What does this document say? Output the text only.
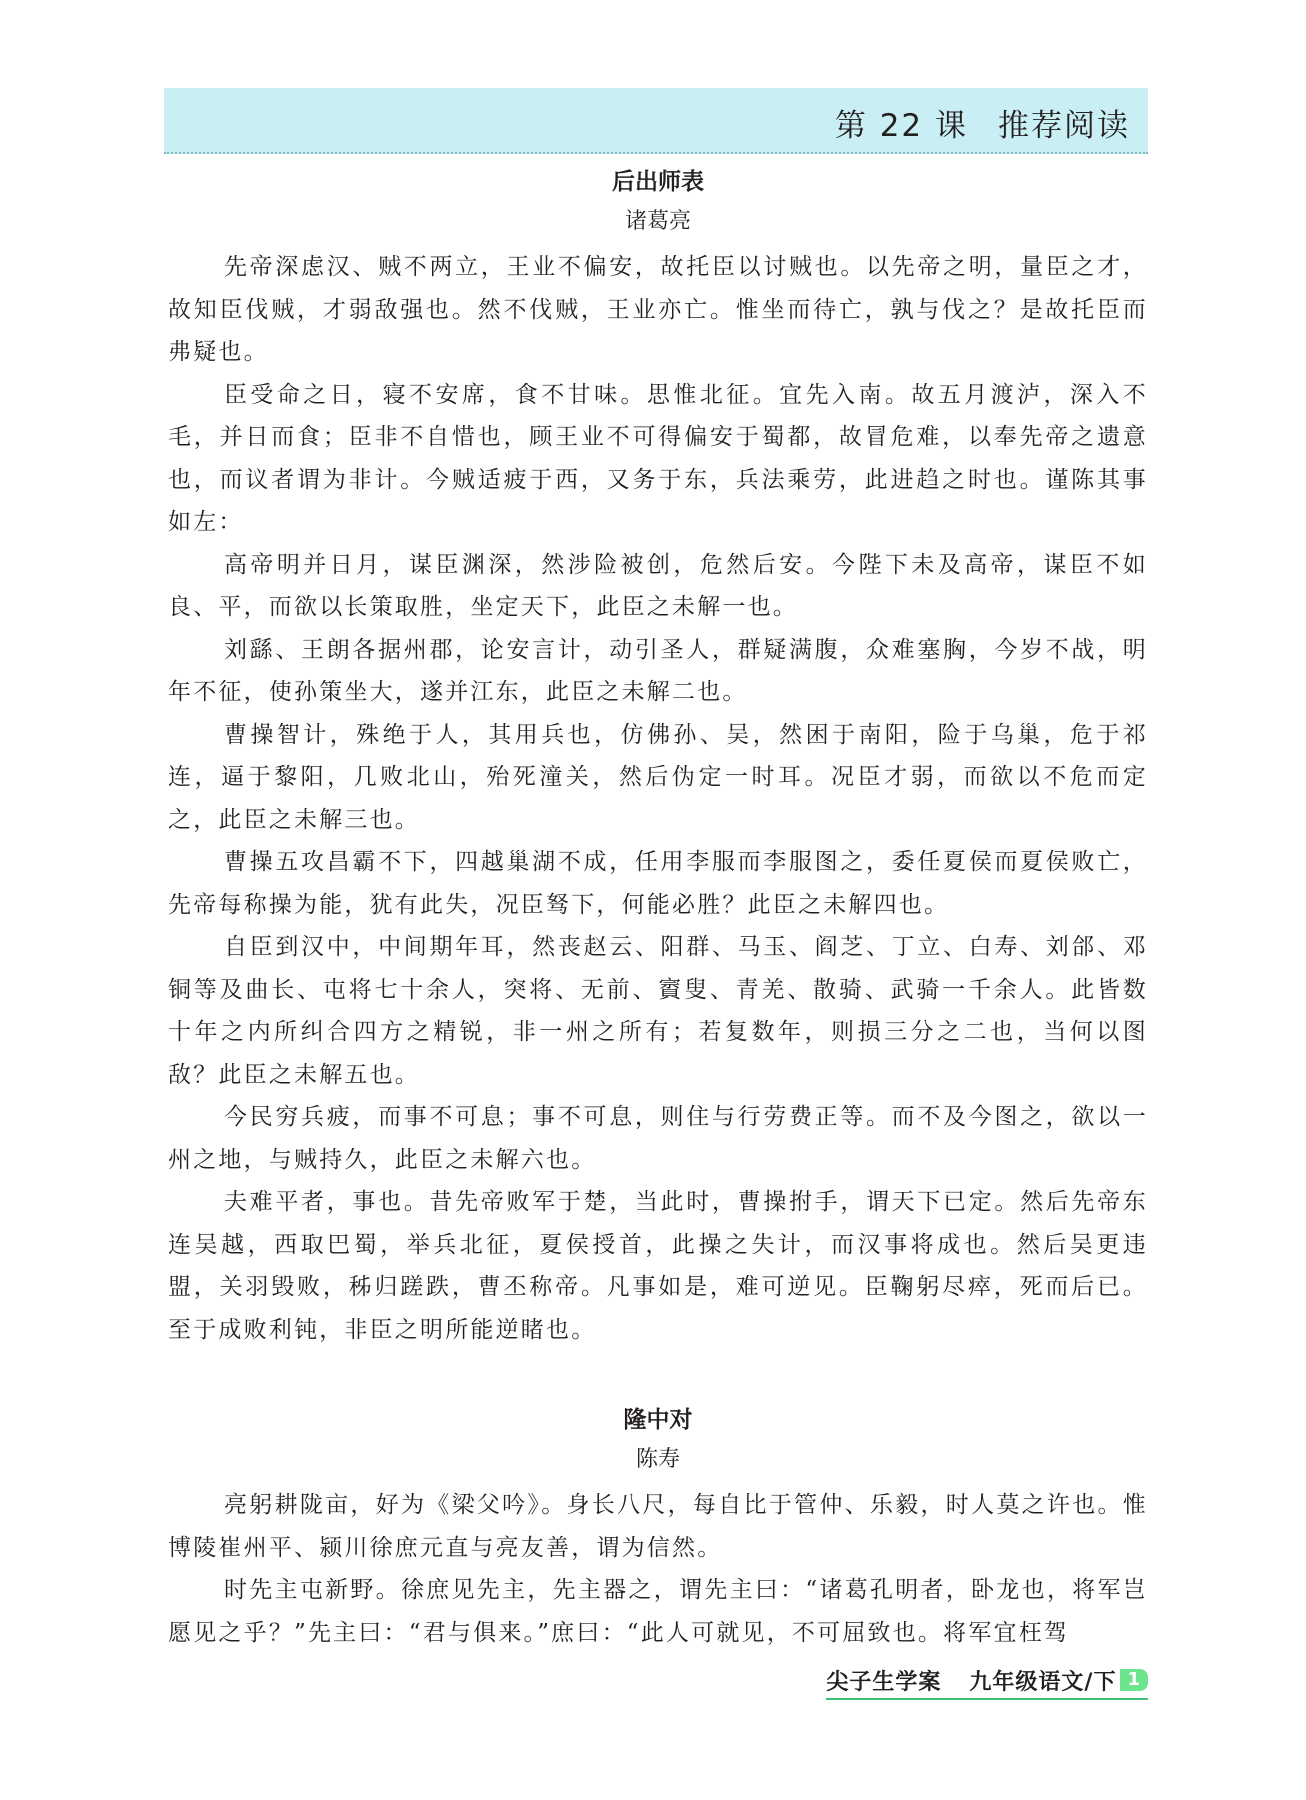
第 22 课 推荐阅读

后出师表

诸葛亮

先帝深虑汉、贼不两立，王业不偏安，故托臣以讨贼也。以先帝之明，量臣之才，故知臣伐贼，才弱敌强也。然不伐贼，王业亦亡。惟坐而待亡，孰与伐之？是故托臣而弗疑也。

臣受命之日，寝不安席，食不甘味。思惟北征。宜先入南。故五月渡泸，深入不毛，并日而食；臣非不自惜也，顾王业不可得偏安于蜀都，故冒危难，以奉先帝之遗意也，而议者谓为非计。今贼适疲于西，又务于东，兵法乘劳，此进趋之时也。谨陈其事如左：

高帝明并日月，谋臣渊深，然涉险被创，危然后安。今陛下未及高帝，谋臣不如良、平，而欲以长策取胜，坐定天下，此臣之未解一也。

刘繇、王朗各据州郡，论安言计，动引圣人，群疑满腹，众难塞胸，今岁不战，明年不征，使孙策坐大，遂并江东，此臣之未解二也。

曹操智计，殊绝于人，其用兵也，仿佛孙、吴，然困于南阳，险于乌巢，危于祁连，逼于黎阳，几败北山，殆死潼关，然后伪定一时耳。况臣才弱，而欲以不危而定之，此臣之未解三也。

曹操五攻昌霸不下，四越巢湖不成，任用李服而李服图之，委任夏侯而夏侯败亡，先帝每称操为能，犹有此失，况臣驽下，何能必胜？此臣之未解四也。

自臣到汉中，中间期年耳，然丧赵云、阳群、马玉、阎芝、丁立、白寿、刘郃、邓铜等及曲长、屯将七十余人，突将、无前、賨叟、青羌、散骑、武骑一千余人。此皆数十年之内所纠合四方之精锐，非一州之所有；若复数年，则损三分之二也，当何以图敌？此臣之未解五也。

今民穷兵疲，而事不可息；事不可息，则住与行劳费正等。而不及今图之，欲以一州之地，与贼持久，此臣之未解六也。

夫难平者，事也。昔先帝败军于楚，当此时，曹操拊手，谓天下已定。然后先帝东连吴越，西取巴蜀，举兵北征，夏侯授首，此操之失计，而汉事将成也。然后吴更违盟，关羽毁败，秭归蹉跌，曹丕称帝。凡事如是，难可逆见。臣鞠躬尽瘁，死而后已。至于成败利钝，非臣之明所能逆睹也。

隆中对

陈寿

亮躬耕陇亩，好为《梁父吟》。身长八尺，每自比于管仲、乐毅，时人莫之许也。惟博陵崔州平、颍川徐庶元直与亮友善，谓为信然。

时先主屯新野。徐庶见先主，先主器之，谓先主曰：“诸葛孔明者，卧龙也，将军岂愿见之乎？”先主曰：“君与俱来。”庶曰：“此人可就见，不可屈致也。将军宜枉驾

尖子生学案 九年级语文/下 1
